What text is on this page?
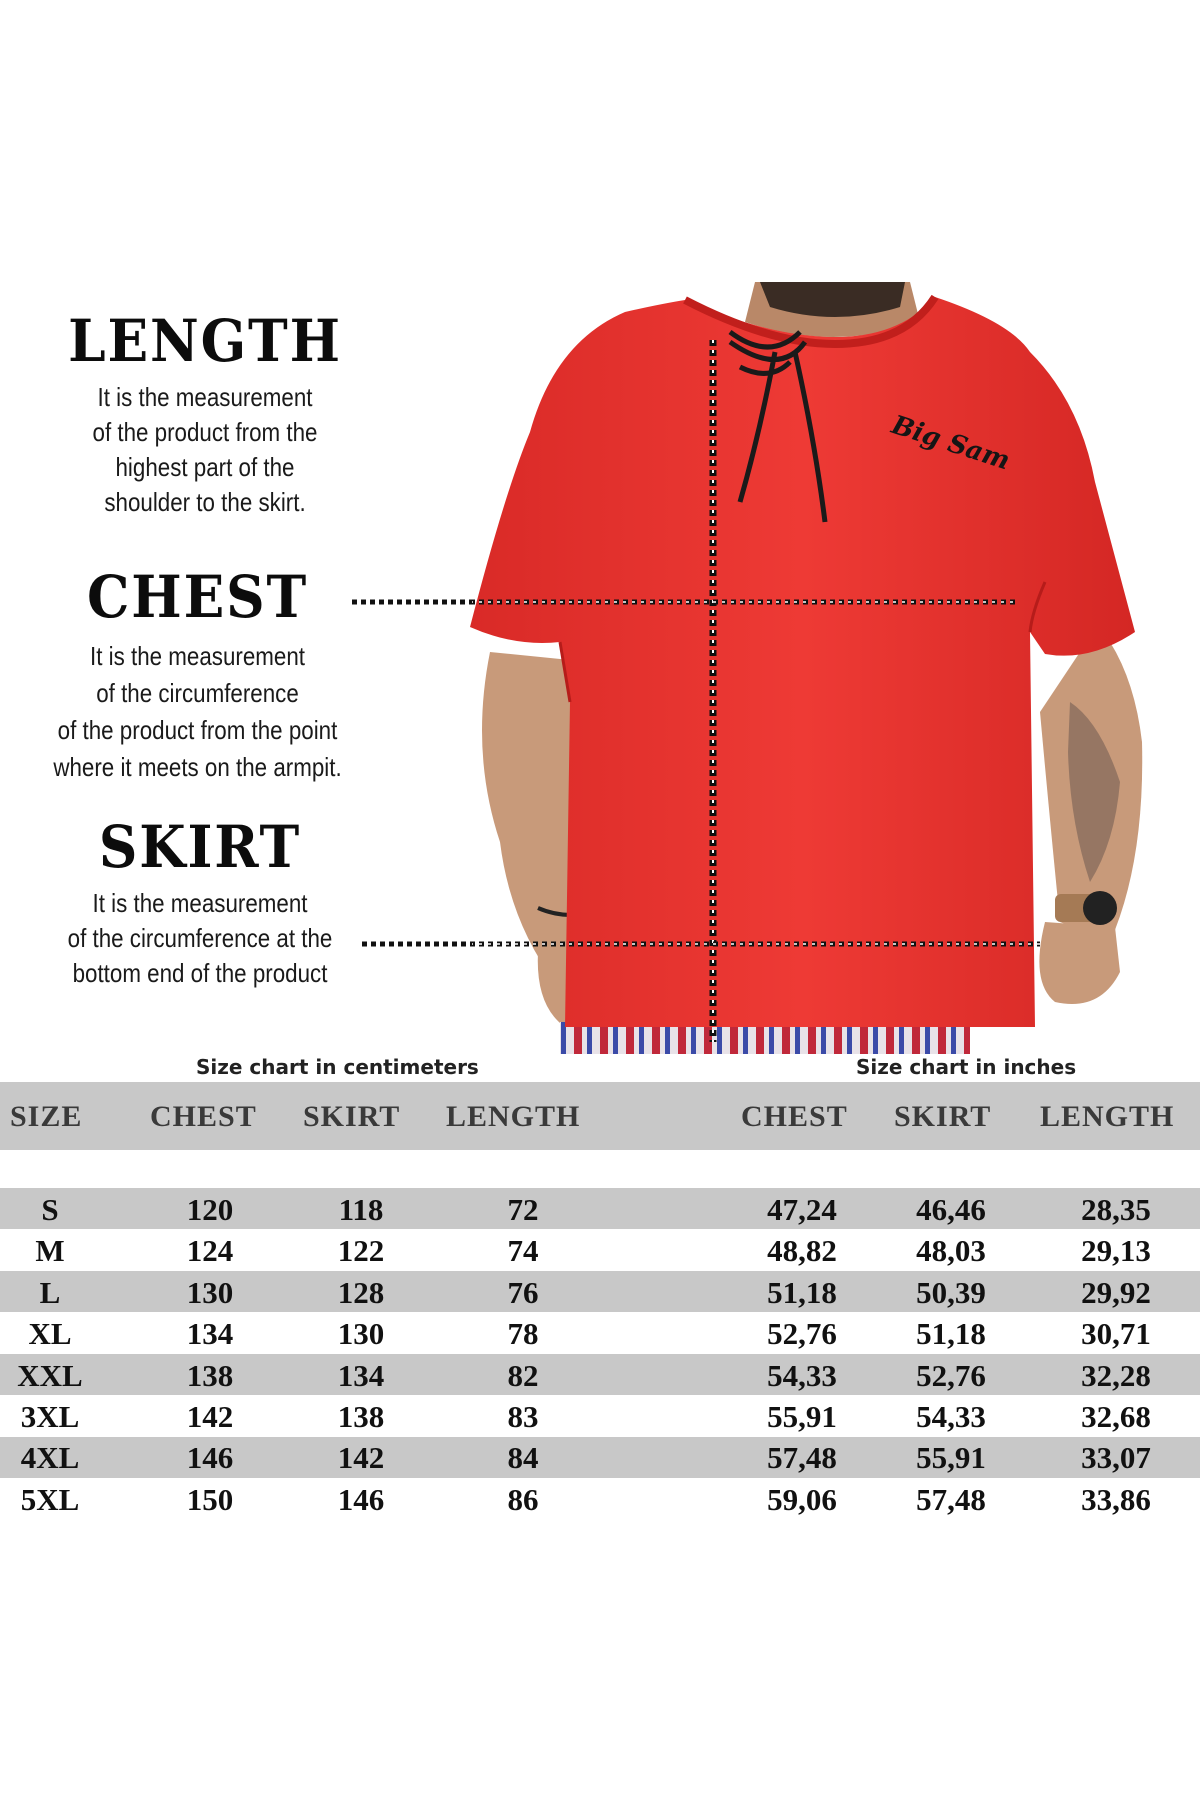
LENGTH
It is the measurement
of the product from the
highest part of the
shoulder to the skirt.
CHEST
It is the measurement
of the circumference
of the product from the point
where it meets on the armpit.
SKIRT
It is the measurement
of the circumference at the
bottom end of the product
Big Sam
Size chart in centimeters	Size chart in inches
SIZE CHEST SKIRT LENGTH	CHEST SKIRT LENGTH
S	120	118	72	47,24	46,46	28,35
M	124	122	74	48,82	48,03	29,13
L	130	128	76	51,18	50,39	29,92
XL	134	130	78	52,76	51,18	30,71
XXL	138	134	82	54,33	52,76	32,28
3XL	142	138	83	55,91	54,33	32,68
4XL	146	142	84	57,48	55,91	33,07
5XL	150	146	86	59,06	57,48	33,86
